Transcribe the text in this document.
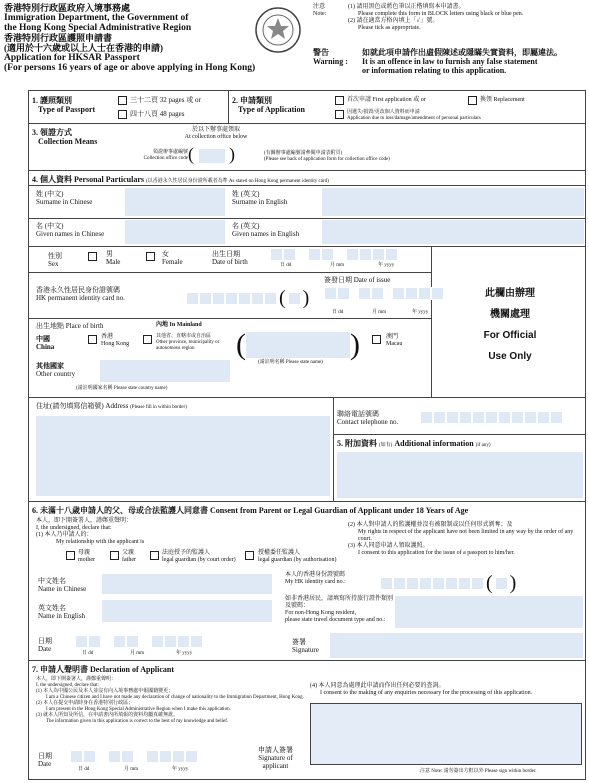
香港特別行政區政府入境事務處
Immigration Department, the Government of
the Hong Kong Special Administrative Region
香港特別行政區護照申請書
(適用於十六歲或以上人士在香港的申請)
Application for HKSAR Passport
(For persons 16 years of age or above applying in Hong Kong)
注意
Note:
(1) 請用黑色或藍色筆以正楷填寫本申請書。
Please complete this form in BLOCK letters using black or blue pen.
(2) 請在適當方格內填上「✓」號。
Please tick as appropriate.
警告
Warning :
如就此項申請作出虛假陳述或隱瞞失實資料，即屬違法。
It is an offence in law to furnish any false statement
or information relating to this application.
1. 護照類別
Type of Passport
三十二頁 32 pages 或 or
四十八頁 48 pages
2. 申請類別
Type of Application
首次申請 First application 或 or	換領 Replacement
因遺失/損毀/更改個人資料而申請
Application due to loss/damage/amendment of personal particulars
3. 領證方式
Collection Means
於以下辦事處領取
At collection office below
領證辦事處編號
Collection office code (  )	(有關辦事處編號請參閱申請表附頁)
(Please see back of application form for collection office code)
4. 個人資料 Personal Particulars (以香港永久性居民身份證所載者為準 As stated on Hong Kong permanent identity card)
姓 (中文)
Surname in Chinese
姓 (英文)
Surname in English
名 (中文)
Given names in Chinese
名 (英文)
Given names in English
性別
Sex
男
Male
女
Female
出生日期
Date of birth	日 dd	月 mm	年 yyyy
此欄由辦理
機關處理
For Official
Use Only
香港永久性居民身份證號碼
HK permanent identity card no.	( )
簽發日期 Date of issue
日 dd	月 mm	年 yyyy
出生地點 Place of birth	內地 In Mainland
中國
China
香港
Hong Kong
其他省、直轄市或自治區
Other province, municipality or autonomous region	(	)
(請註明名稱 Please state name)
澳門
Macau
其他國家
Other country
(請註明國家名稱 Please state country name)
住址(請勿填寫信箱號) Address (Please fill in within border)
聯絡電話號碼
Contact telephone no.
5. 附加資料 (如有) Additional information (if any)
6. 未滿十八歲申請人的父、母或合法監護人同意書 Consent from Parent or Legal Guardian of Applicant under 18 Years of Age
本人，即下開簽署人，謹鄭重聲明：
I, the undersigned, declare that:
(1) 本人乃申請人的：
My relationship with the applicant is
母親
mother
父親
father
法庭授予的監護人
legal guardian (by court order)
授權委任監護人
legal guardian (by authorisation)
(2) 本人對申請人的監護權並沒有被限制或以任何形式剝奪；及
My rights in respect of the applicant have not been limited in any way by the order of any court.
(3) 本人同意申請人領取護照。
I consent to this application for the issue of a passport to him/her.
中文姓名
Name in Chinese
英文姓名
Name in English
日期
Date
日 dd	月 mm	年 yyyy
本人的香港身份證號碼
My HK identity card no.:	( )
如非香港居民，請填寫所持旅行證件類別及號碼：
For non-Hong Kong resident,
please state travel document type and no.:
簽署
Signature
7. 申請人聲明書 Declaration of Applicant
本人，即下開簽署人，謹鄭重聲明：
I, the undersigned, declare that:
(1) 本人為中國公民及本人並沒有向入境事務處申報國籍變更；
I am a Chinese citizen and I have not made any declaration of change of nationality to the Immigration Department, Hong Kong.
(2) 本人在提交申請時身在香港特別行政區；
I am present in the Hong Kong Special Administrative Region when I make this application.
(3) 就本人所知及所信，在申請書內所填報的資料均屬真確無訛。
The information given in this application is correct to the best of my knowledge and belief.
(4) 本人同意為處理此申請而作出任何必要的查詢。
I consent to the making of any enquiries necessary for the processing of this application.
日期
Date
日 dd	月 mm	年 yyyy
申請人簽署
Signature of
applicant
注意 Note: 請勿簽出方框以外 Please sign within border.
